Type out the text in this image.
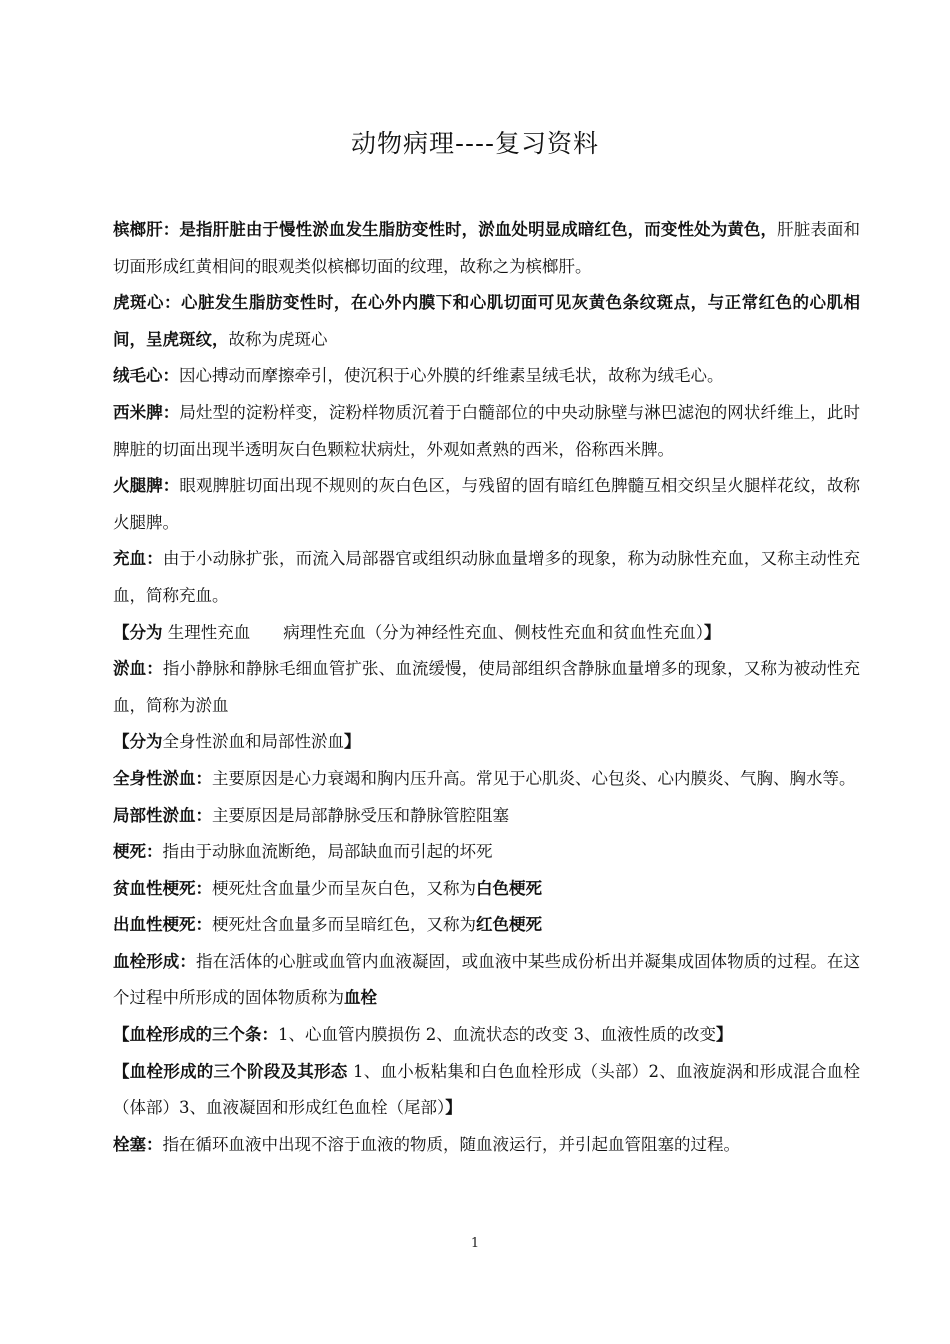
动物病理----复习资料

槟榔肝：是指肝脏由于慢性淤血发生脂肪变性时，淤血处明显成暗红色，而变性处为黄色，肝脏表面和切面形成红黄相间的眼观类似槟榔切面的纹理，故称之为槟榔肝。

虎斑心：心脏发生脂肪变性时，在心外内膜下和心肌切面可见灰黄色条纹斑点，与正常红色的心肌相间，呈虎斑纹，故称为虎斑心

绒毛心：因心搏动而摩擦牵引，使沉积于心外膜的纤维素呈绒毛状，故称为绒毛心。

西米脾：局灶型的淀粉样变，淀粉样物质沉着于白髓部位的中央动脉壁与淋巴滤泡的网状纤维上，此时脾脏的切面出现半透明灰白色颗粒状病灶，外观如煮熟的西米，俗称西米脾。

火腿脾：眼观脾脏切面出现不规则的灰白色区，与残留的固有暗红色脾髓互相交织呈火腿样花纹，故称火腿脾。

充血：由于小动脉扩张，而流入局部器官或组织动脉血量增多的现象，称为动脉性充血，又称主动性充血，简称充血。

【分为 生理性充血　　病理性充血（分为神经性充血、侧枝性充血和贫血性充血）】

淤血：指小静脉和静脉毛细血管扩张、血流缓慢，使局部组织含静脉血量增多的现象，又称为被动性充血，简称为淤血

【分为全身性淤血和局部性淤血】

全身性淤血：主要原因是心力衰竭和胸内压升高。常见于心肌炎、心包炎、心内膜炎、气胸、胸水等。

局部性淤血：主要原因是局部静脉受压和静脉管腔阻塞

梗死：指由于动脉血流断绝，局部缺血而引起的坏死

贫血性梗死：梗死灶含血量少而呈灰白色，又称为白色梗死

出血性梗死：梗死灶含血量多而呈暗红色，又称为红色梗死

血栓形成：指在活体的心脏或血管内血液凝固，或血液中某些成份析出并凝集成固体物质的过程。在这个过程中所形成的固体物质称为血栓

【血栓形成的三个条：1、心血管内膜损伤 2、血流状态的改变 3、血液性质的改变】

【血栓形成的三个阶段及其形态 1、血小板粘集和白色血栓形成（头部）2、血液旋涡和形成混合血栓（体部）3、血液凝固和形成红色血栓（尾部）】

栓塞：指在循环血液中出现不溶于血液的物质，随血液运行，并引起血管阻塞的过程。

1
